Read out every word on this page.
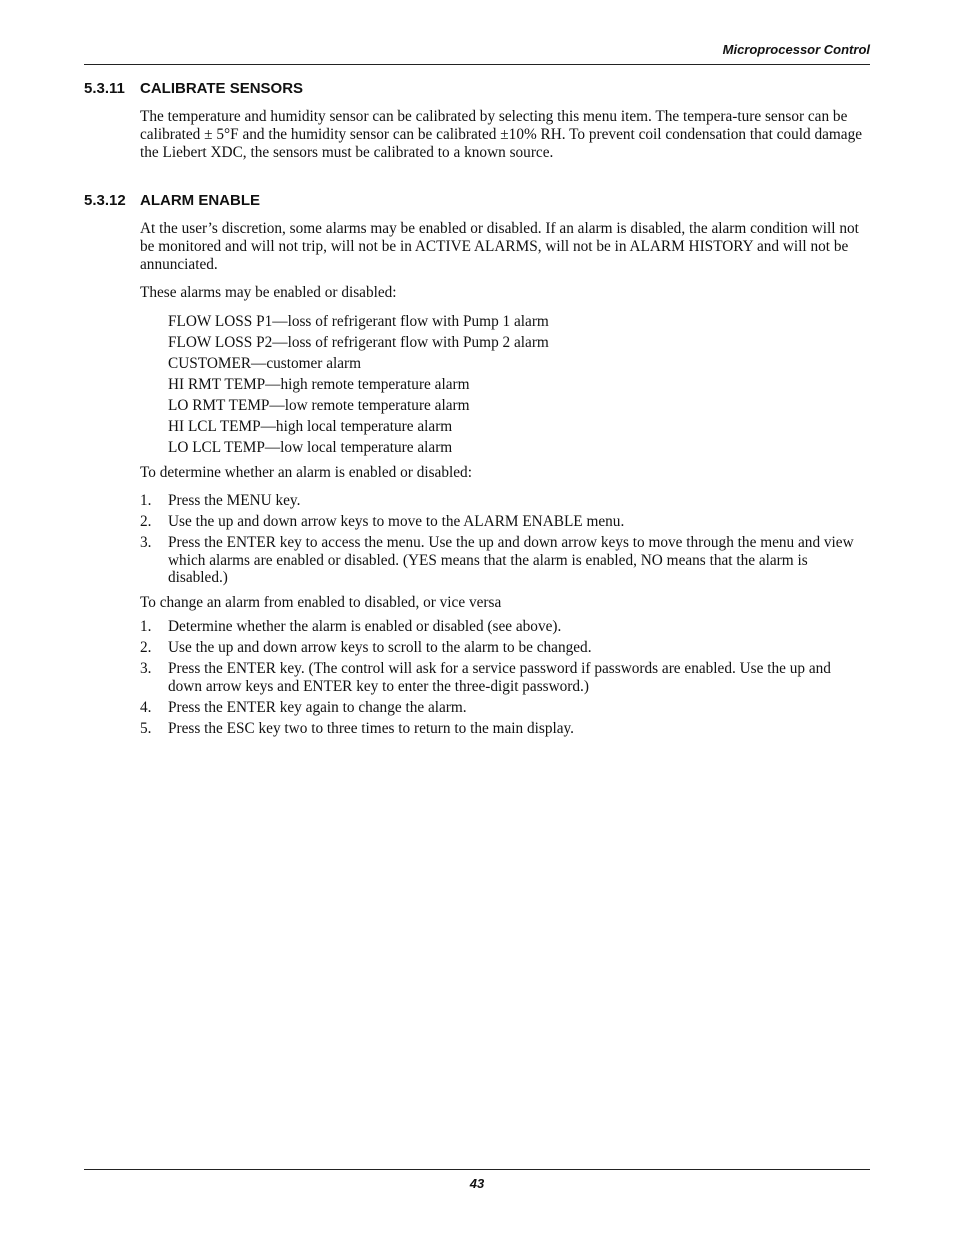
Microprocessor Control
5.3.11 CALIBRATE SENSORS

The temperature and humidity sensor can be calibrated by selecting this menu item. The tempera-ture sensor can be calibrated ± 5°F and the humidity sensor can be calibrated ±10% RH. To prevent coil condensation that could damage the Liebert XDC, the sensors must be calibrated to a known source.

5.3.12 ALARM ENABLE

At the user’s discretion, some alarms may be enabled or disabled. If an alarm is disabled, the alarm condition will not be monitored and will not trip, will not be in ACTIVE ALARMS, will not be in ALARM HISTORY and will not be annunciated.

These alarms may be enabled or disabled:

FLOW LOSS P1—loss of refrigerant flow with Pump 1 alarm
FLOW LOSS P2—loss of refrigerant flow with Pump 2 alarm
CUSTOMER—customer alarm
HI RMT TEMP—high remote temperature alarm
LO RMT TEMP—low remote temperature alarm
HI LCL TEMP—high local temperature alarm
LO LCL TEMP—low local temperature alarm

To determine whether an alarm is enabled or disabled:

1.	Press the MENU key.
2.	Use the up and down arrow keys to move to the ALARM ENABLE menu.
3.	Press the ENTER key to access the menu. Use the up and down arrow keys to move through the menu and view which alarms are enabled or disabled. (YES means that the alarm is enabled, NO means that the alarm is disabled.)

To change an alarm from enabled to disabled, or vice versa

1.	Determine whether the alarm is enabled or disabled (see above).
2.	Use the up and down arrow keys to scroll to the alarm to be changed.
3.	Press the ENTER key. (The control will ask for a service password if passwords are enabled. Use the up and down arrow keys and ENTER key to enter the three-digit password.)
4.	Press the ENTER key again to change the alarm.
5.	Press the ESC key two to three times to return to the main display.
43
